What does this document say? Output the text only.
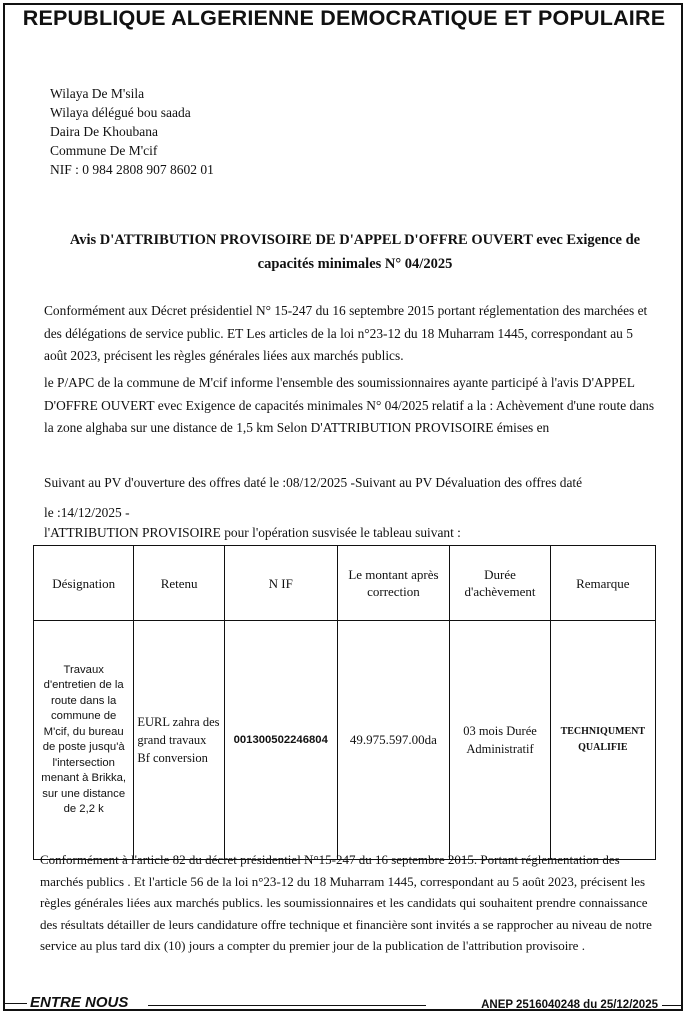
REPUBLIQUE ALGERIENNE DEMOCRATIQUE ET POPULAIRE
Wilaya De M'sila
Wilaya délégué bou saada
Daira De Khoubana
Commune De M'cif
NIF : 0 984 2808 907 8602 01
Avis D'ATTRIBUTION PROVISOIRE DE D'APPEL D'OFFRE OUVERT evec Exigence de capacités minimales N° 04/2025
Conformément aux Décret présidentiel N° 15-247 du 16 septembre 2015 portant réglementation des marchées et des délégations de service public. ET Les articles de la loi n°23-12 du 18 Muharram 1445, correspondant au 5 août 2023, précisent les règles générales liées aux marchés publics.
le P/APC de la commune de M'cif informe l'ensemble des soumissionnaires ayante participé à l'avis D'APPEL D'OFFRE OUVERT evec Exigence de capacités minimales N° 04/2025 relatif a la : Achèvement d'une route dans la zone alghaba sur une distance de 1,5 km Selon D'ATTRIBUTION PROVISOIRE émises en
Suivant au PV d'ouverture des offres daté le :08/12/2025 -Suivant au PV Dévaluation des offres daté
le :14/12/2025 -
l'ATTRIBUTION PROVISOIRE pour l'opération susvisée le tableau suivant :
Désignation	Retenu	N IF	Le montant après correction	Durée d'achèvement	Remarque
Travaux d'entretien de la route dans la commune de M'cif, du bureau de poste jusqu'à l'intersection menant à Brikka, sur une distance de 2,2 k	EURL zahra des grand travaux Bf conversion	001300502246804	49.975.597.00da	03 mois Durée Administratif	TECHNIQUMENT QUALIFIE
Conformément à l'article 82 du décret présidentiel N°15-247 du 16 septembre 2015. Portant réglementation des marchés publics . Et l'article 56 de la loi n°23-12 du 18 Muharram 1445, correspondant au 5 août 2023, précisent les règles générales liées aux marchés publics. les soumissionnaires et les candidats qui souhaitent prendre connaissance des résultats détailler de leurs candidature offre technique et financière sont invités a se rapprocher au niveau de notre service au plus tard dix (10) jours a compter du premier jour de la publication de l'attribution provisoire .
ENTRE NOUS	ANEP 2516040248 du 25/12/2025
